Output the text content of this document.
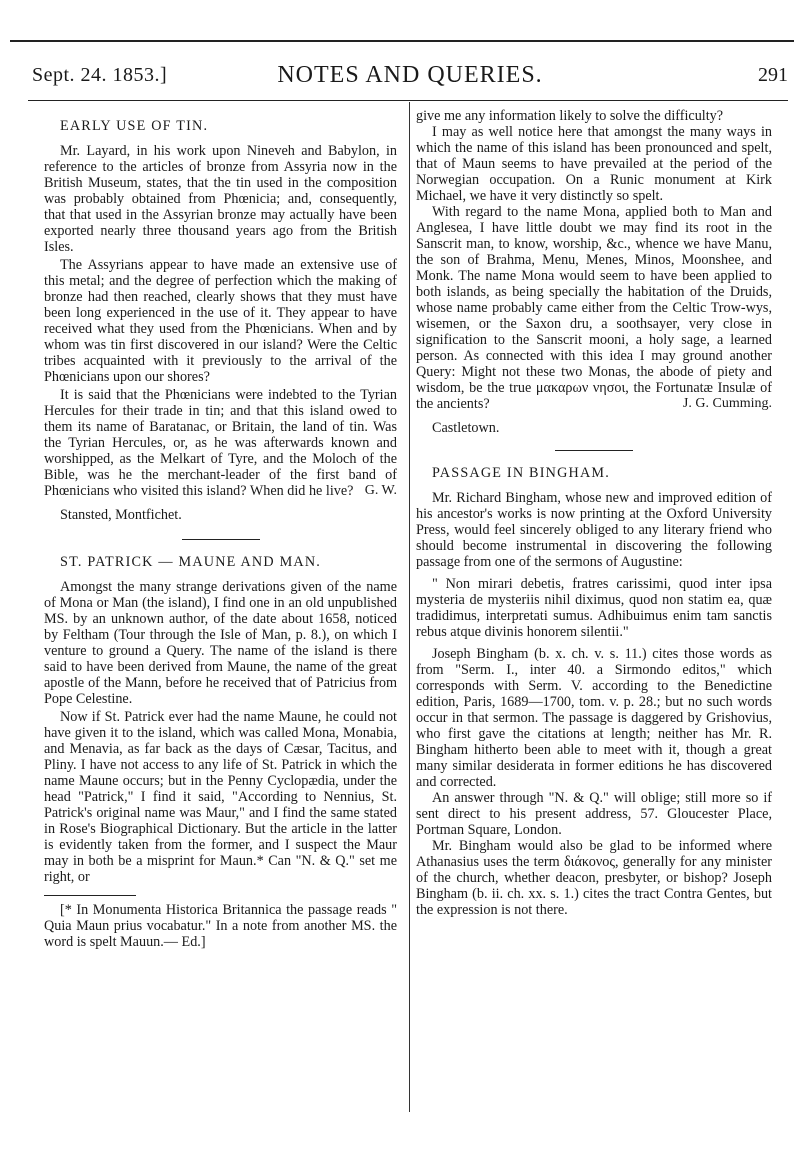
Sept. 24. 1853.]	NOTES AND QUERIES.	291

EARLY USE OF TIN.

Mr. Layard, in his work upon Nineveh and Babylon, in reference to the articles of bronze from Assyria now in the British Museum, states, that the tin used in the composition was probably obtained from Phœnicia; and, consequently, that that used in the Assyrian bronze may actually have been exported nearly three thousand years ago from the British Isles.

The Assyrians appear to have made an extensive use of this metal; and the degree of perfection which the making of bronze had then reached, clearly shows that they must have been long experienced in the use of it. They appear to have received what they used from the Phœnicians. When and by whom was tin first discovered in our island? Were the Celtic tribes acquainted with it previously to the arrival of the Phœnicians upon our shores?

It is said that the Phœnicians were indebted to the Tyrian Hercules for their trade in tin; and that this island owed to them its name of Baratanac, or Britain, the land of tin. Was the Tyrian Hercules, or, as he was afterwards known and worshipped, as the Melkart of Tyre, and the Moloch of the Bible, was he the merchant-leader of the first band of Phœnicians who visited this island? When did he live? G. W.

Stansted, Montfichet.

ST. PATRICK — MAUNE AND MAN.

Amongst the many strange derivations given of the name of Mona or Man (the island), I find one in an old unpublished MS. by an unknown author, of the date about 1658, noticed by Feltham (Tour through the Isle of Man, p. 8.), on which I venture to ground a Query. The name of the island is there said to have been derived from Maune, the name of the great apostle of the Mann, before he received that of Patricius from Pope Celestine.

Now if St. Patrick ever had the name Maune, he could not have given it to the island, which was called Mona, Monabia, and Menavia, as far back as the days of Cæsar, Tacitus, and Pliny. I have not access to any life of St. Patrick in which the name Maune occurs; but in the Penny Cyclopædia, under the head "Patrick," I find it said, "According to Nennius, St. Patrick's original name was Maur," and I find the same stated in Rose's Biographical Dictionary. But the article in the latter is evidently taken from the former, and I suspect the Maur may in both be a misprint for Maun.* Can "N. & Q." set me right, or

[* In Monumenta Historica Britannica the passage reads " Quia Maun prius vocabatur." In a note from another MS. the word is spelt Mauun.— Ed.]

give me any information likely to solve the difficulty?

I may as well notice here that amongst the many ways in which the name of this island has been pronounced and spelt, that of Maun seems to have prevailed at the period of the Norwegian occupation. On a Runic monument at Kirk Michael, we have it very distinctly so spelt.

With regard to the name Mona, applied both to Man and Anglesea, I have little doubt we may find its root in the Sanscrit man, to know, worship, &c., whence we have Manu, the son of Brahma, Menu, Menes, Minos, Moonshee, and Monk. The name Mona would seem to have been applied to both islands, as being specially the habitation of the Druids, whose name probably came either from the Celtic Trow-wys, wisemen, or the Saxon dru, a soothsayer, very close in signification to the Sanscrit mooni, a holy sage, a learned person. As connected with this idea I may ground another Query: Might not these two Monas, the abode of piety and wisdom, be the true μακαρων νησοι, the Fortunatæ Insulæ of the ancients?	J. G. Cumming.

Castletown.

PASSAGE IN BINGHAM.

Mr. Richard Bingham, whose new and improved edition of his ancestor's works is now printing at the Oxford University Press, would feel sincerely obliged to any literary friend who should become instrumental in discovering the following passage from one of the sermons of Augustine:

" Non mirari debetis, fratres carissimi, quod inter ipsa mysteria de mysteriis nihil diximus, quod non statim ea, quæ tradidimus, interpretati sumus. Adhibuimus enim tam sanctis rebus atque divinis honorem silentii."

Joseph Bingham (b. x. ch. v. s. 11.) cites those words as from "Serm. I., inter 40. a Sirmondo editos," which corresponds with Serm. V. according to the Benedictine edition, Paris, 1689—1700, tom. v. p. 28.; but no such words occur in that sermon. The passage is daggered by Grishovius, who first gave the citations at length; neither has Mr. R. Bingham hitherto been able to meet with it, though a great many similar desiderata in former editions he has discovered and corrected.

An answer through "N. & Q." will oblige; still more so if sent direct to his present address, 57. Gloucester Place, Portman Square, London.

Mr. Bingham would also be glad to be informed where Athanasius uses the term διάκονος, generally for any minister of the church, whether deacon, presbyter, or bishop? Joseph Bingham (b. ii. ch. xx. s. 1.) cites the tract Contra Gentes, but the expression is not there.
